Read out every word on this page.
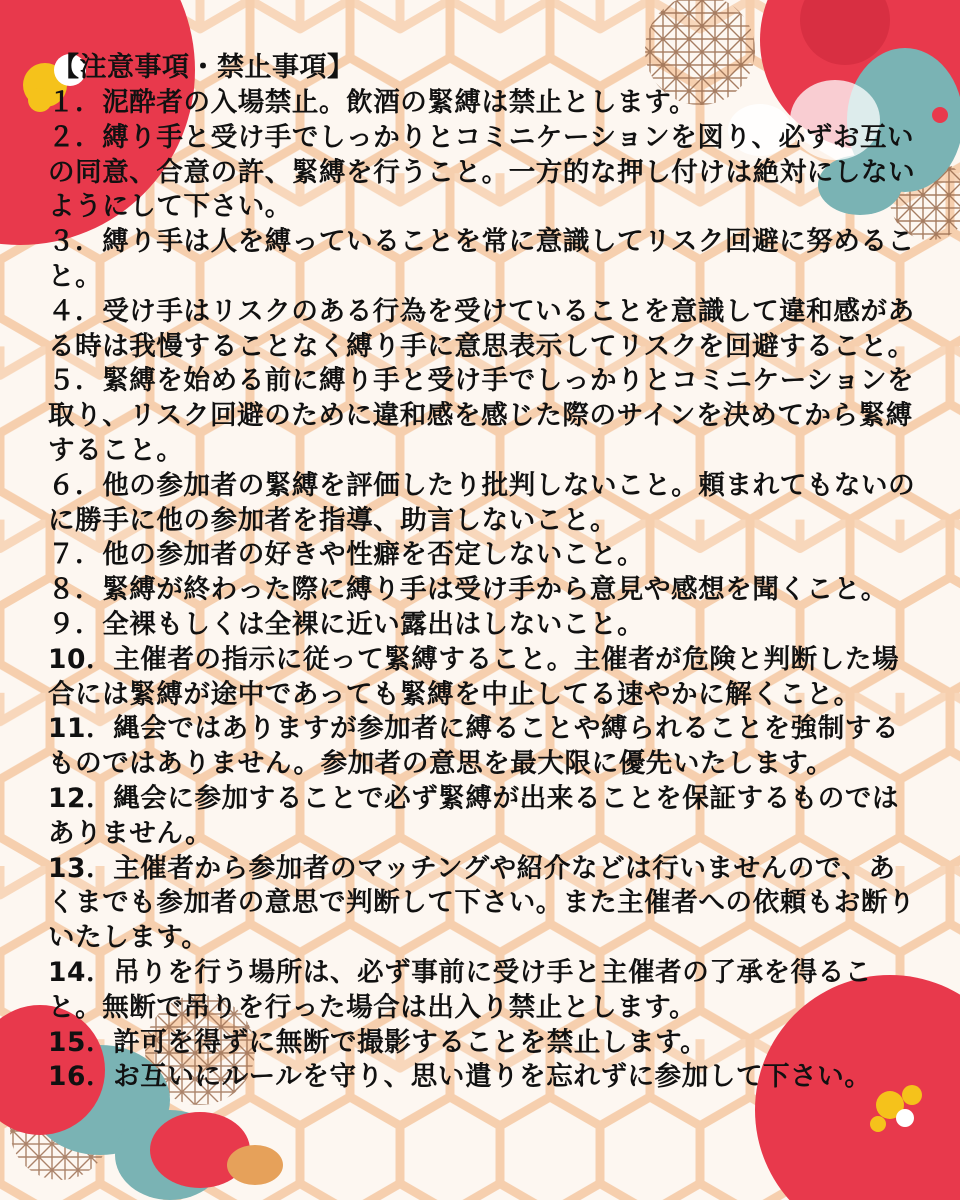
【注意事項・禁止事項】
１．泥酔者の入場禁止。飲酒の緊縛は禁止とします。
２．縛り手と受け手でしっかりとコミニケーションを図り、必ずお互いの同意、合意の許、緊縛を行うこと。一方的な押し付けは絶対にしないようにして下さい。
３．縛り手は人を縛っていることを常に意識してリスク回避に努めること。
４．受け手はリスクのある行為を受けていることを意識して違和感がある時は我慢することなく縛り手に意思表示してリスクを回避すること。
５．緊縛を始める前に縛り手と受け手でしっかりとコミニケーションを取り、リスク回避のために違和感を感じた際のサインを決めてから緊縛すること。
６．他の参加者の緊縛を評価したり批判しないこと。頼まれてもないのに勝手に他の参加者を指導、助言しないこと。
７．他の参加者の好きや性癖を否定しないこと。
８．緊縛が終わった際に縛り手は受け手から意見や感想を聞くこと。
９．全裸もしくは全裸に近い露出はしないこと。
10．主催者の指示に従って緊縛すること。主催者が危険と判断した場合には緊縛が途中であっても緊縛を中止してる速やかに解くこと。
11．縄会ではありますが参加者に縛ることや縛られることを強制するものではありません。参加者の意思を最大限に優先いたします。
12．縄会に参加することで必ず緊縛が出来ることを保証するものではありません。
13．主催者から参加者のマッチングや紹介などは行いませんので、あくまでも参加者の意思で判断して下さい。また主催者への依頼もお断りいたします。
14．吊りを行う場所は、必ず事前に受け手と主催者の了承を得ること。無断で吊りを行った場合は出入り禁止とします。
15．許可を得ずに無断で撮影することを禁止します。
16．お互いにルールを守り、思い遣りを忘れずに参加して下さい。
